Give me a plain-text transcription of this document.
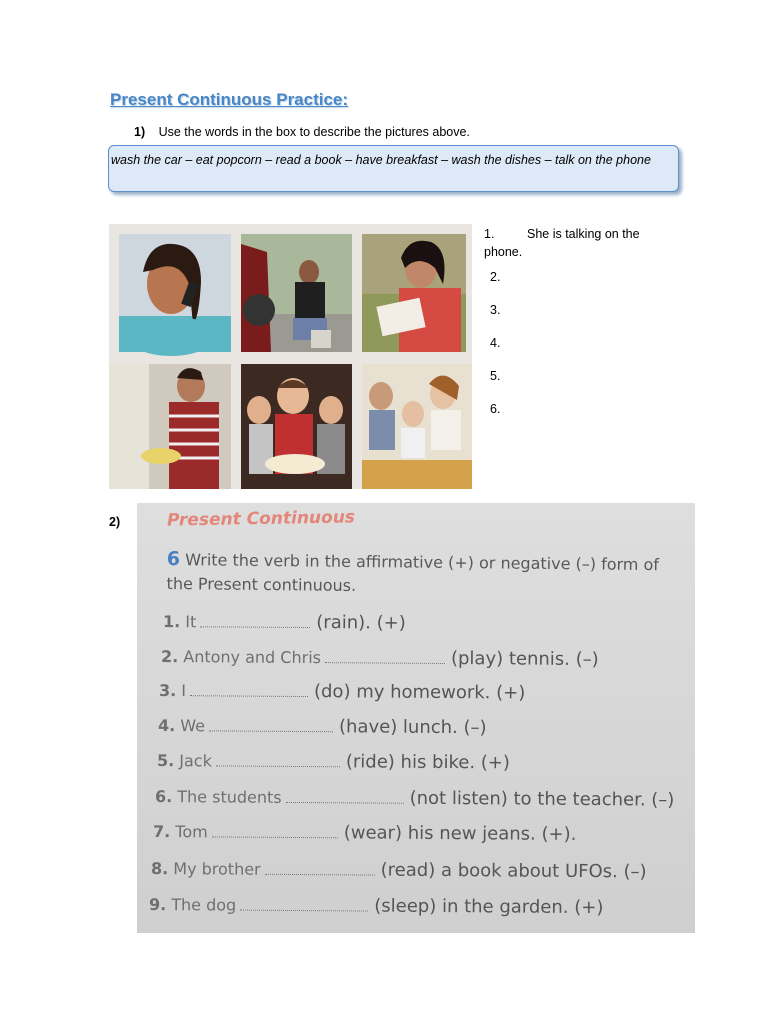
Present Continuous Practice:
1) Use the words in the box to describe the pictures above.
wash the car – eat popcorn – read a book – have breakfast – wash the dishes – talk on the phone
1.	She is talking on the phone.
2.
3.
4.
5.
6.
2)	Present Continuous
6 Write the verb in the affirmative (+) or negative (–) form of the Present continuous.
1. It	(rain). (+)
2. Antony and Chris	(play) tennis. (–)
3. I	(do) my homework. (+)
4. We	(have) lunch. (–)
5. Jack	(ride) his bike. (+)
6. The students	(not listen) to the teacher. (–)
7. Tom	(wear) his new jeans. (+).
8. My brother	(read) a book about UFOs. (–)
9. The dog	(sleep) in the garden. (+)
